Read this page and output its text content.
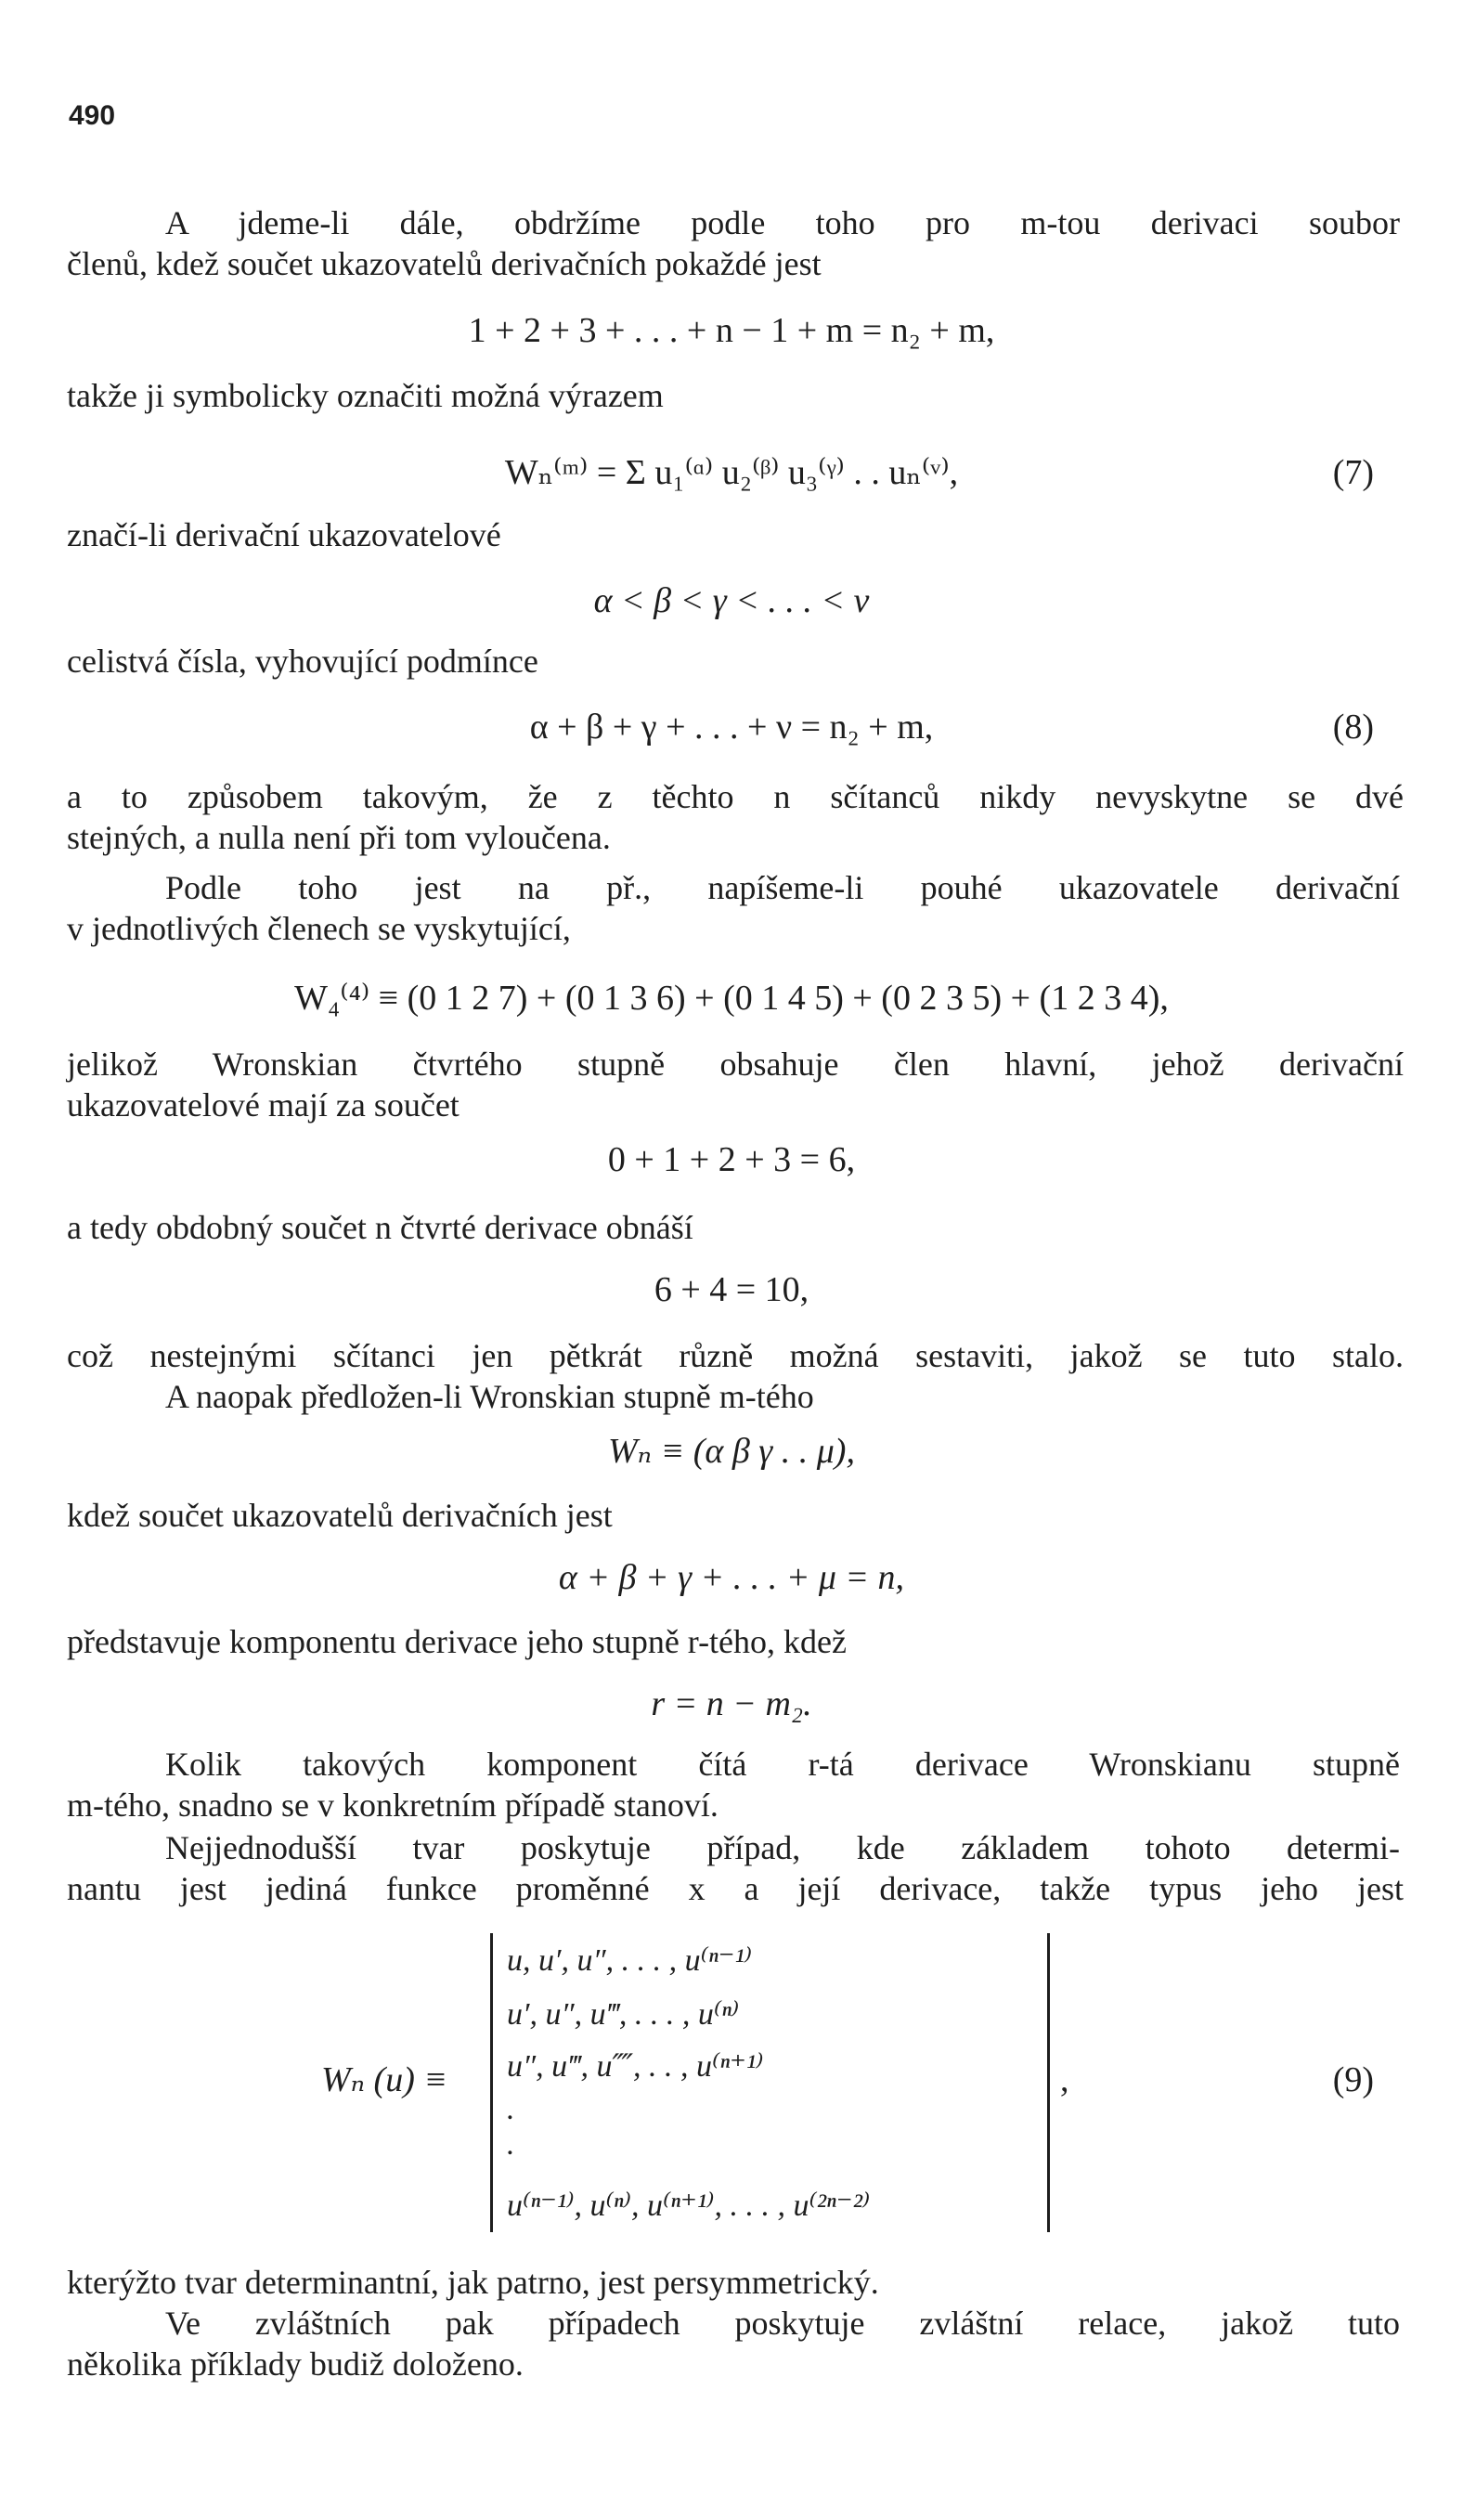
490
A jdeme-li dále, obdržíme podle toho pro m-tou derivaci soubor
členů, kdež součet ukazovatelů derivačních pokaždé jest
1 + 2 + 3 + . . . + n − 1 + m = n₂ + m,
takže ji symbolicky označiti možná výrazem
Wₙ⁽ᵐ⁾ = Σ u₁⁽ᵅ⁾ u₂⁽ᵝ⁾ u₃⁽ᵞ⁾ . . uₙ⁽ᵛ⁾,	(7)
značí-li derivační ukazovatelové
α < β < γ < . . . < ν
celistvá čísla, vyhovující podmínce
α + β + γ + . . . + ν = n₂ + m,	(8)
a to způsobem takovým, že z těchto n sčítanců nikdy nevyskytne se dvé
stejných, a nulla není při tom vyloučena.
Podle toho jest na př., napíšeme-li pouhé ukazovatele derivační
v jednotlivých členech se vyskytující,
W₄⁽⁴⁾ ≡ (0 1 2 7) + (0 1 3 6) + (0 1 4 5) + (0 2 3 5) + (1 2 3 4),
jelikož Wronskian čtvrtého stupně obsahuje člen hlavní, jehož derivační
ukazovatelové mají za součet
0 + 1 + 2 + 3 = 6,
a tedy obdobný součet n čtvrté derivace obnáší
6 + 4 = 10,
což nestejnými sčítanci jen pětkrát různě možná sestaviti, jakož se tuto stalo.
A naopak předložen-li Wronskian stupně m-tého
Wₙ ≡ (α β γ . . μ),
kdež součet ukazovatelů derivačních jest
α + β + γ + . . . + μ = n,
představuje komponentu derivace jeho stupně r-tého, kdež
r = n − m₂.
Kolik takových komponent čítá r-tá derivace Wronskianu stupně
m-tého, snadno se v konkretním případě stanoví.
Nejjednodušší tvar poskytuje případ, kde základem tohoto determi-
nantu jest jediná funkce proměnné x a její derivace, takže typus jeho jest
Wₙ (u) ≡
u, u′, u″, . . . , u⁽ⁿ⁻¹⁾
u′, u″, u‴, . . . , u⁽ⁿ⁾
u″, u‴, u⁗, . . , u⁽ⁿ⁺¹⁾
.
.
u⁽ⁿ⁻¹⁾, u⁽ⁿ⁾, u⁽ⁿ⁺¹⁾, . . . , u⁽²ⁿ⁻²⁾
,	(9)
kterýžto tvar determinantní, jak patrno, jest persymmetrický.
Ve zvláštních pak případech poskytuje zvláštní relace, jakož tuto
několika příklady budiž doloženo.
